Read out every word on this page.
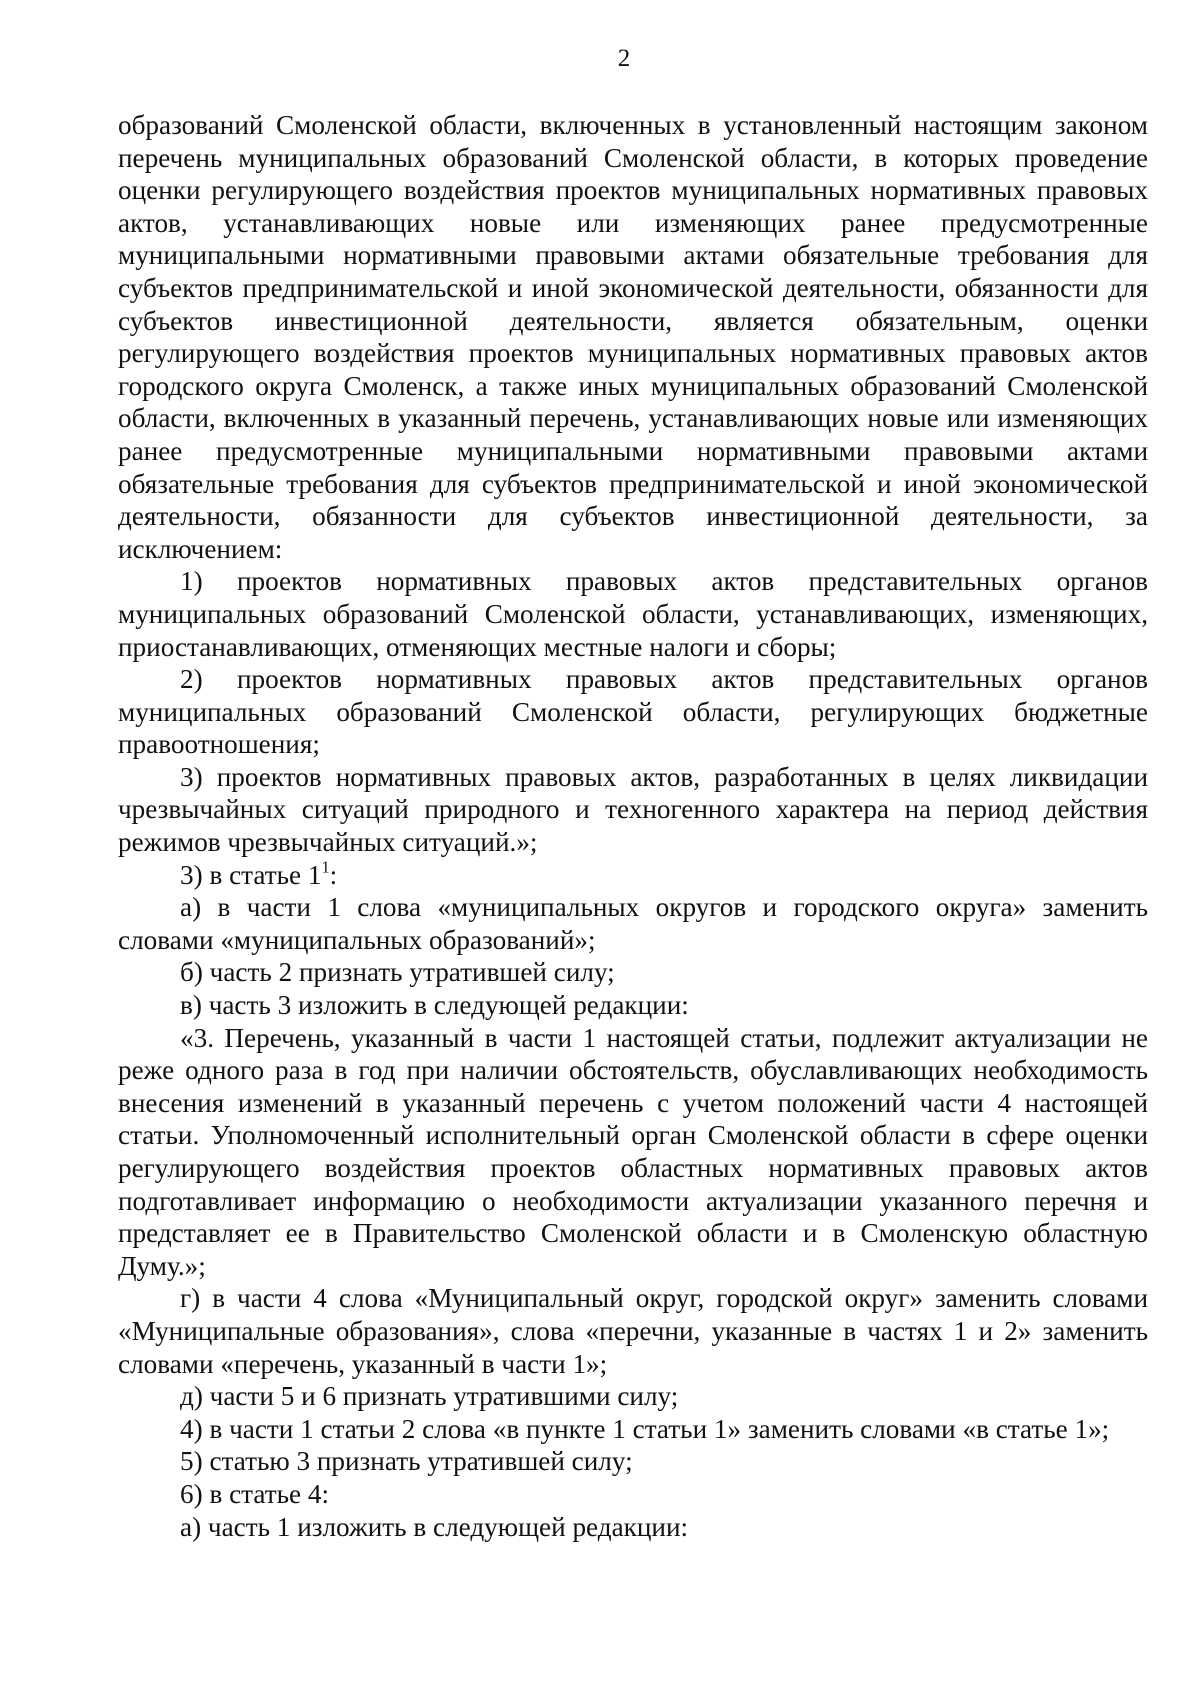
2

образований Смоленской области, включенных в установленный настоящим законом перечень муниципальных образований Смоленской области, в которых проведение оценки регулирующего воздействия проектов муниципальных нормативных правовых актов, устанавливающих новые или изменяющих ранее предусмотренные муниципальными нормативными правовыми актами обязательные требования для субъектов предпринимательской и иной экономической деятельности, обязанности для субъектов инвестиционной деятельности, является обязательным, оценки регулирующего воздействия проектов муниципальных нормативных правовых актов городского округа Смоленск, а также иных муниципальных образований Смоленской области, включенных в указанный перечень, устанавливающих новые или изменяющих ранее предусмотренные муниципальными нормативными правовыми актами обязательные требования для субъектов предпринимательской и иной экономической деятельности, обязанности для субъектов инвестиционной деятельности, за исключением:

1) проектов нормативных правовых актов представительных органов муниципальных образований Смоленской области, устанавливающих, изменяющих, приостанавливающих, отменяющих местные налоги и сборы;

2) проектов нормативных правовых актов представительных органов муниципальных образований Смоленской области, регулирующих бюджетные правоотношения;

3) проектов нормативных правовых актов, разработанных в целях ликвидации чрезвычайных ситуаций природного и техногенного характера на период действия режимов чрезвычайных ситуаций.»;

3) в статье $1^1$:

а) в части 1 слова «муниципальных округов и городского округа» заменить словами «муниципальных образований»;

б) часть 2 признать утратившей силу;

в) часть 3 изложить в следующей редакции:

«3. Перечень, указанный в части 1 настоящей статьи, подлежит актуализации не реже одного раза в год при наличии обстоятельств, обуславливающих необходимость внесения изменений в указанный перечень с учетом положений части 4 настоящей статьи. Уполномоченный исполнительный орган Смоленской области в сфере оценки регулирующего воздействия проектов областных нормативных правовых актов подготавливает информацию о необходимости актуализации указанного перечня и представляет ее в Правительство Смоленской области и в Смоленскую областную Думу.»;

г) в части 4 слова «Муниципальный округ, городской округ» заменить словами «Муниципальные образования», слова «перечни, указанные в частях 1 и 2» заменить словами «перечень, указанный в части 1»;

д) части 5 и 6 признать утратившими силу;

4) в части 1 статьи 2 слова «в пункте 1 статьи 1» заменить словами «в статье 1»;

5) статью 3 признать утратившей силу;

6) в статье 4:

а) часть 1 изложить в следующей редакции:
